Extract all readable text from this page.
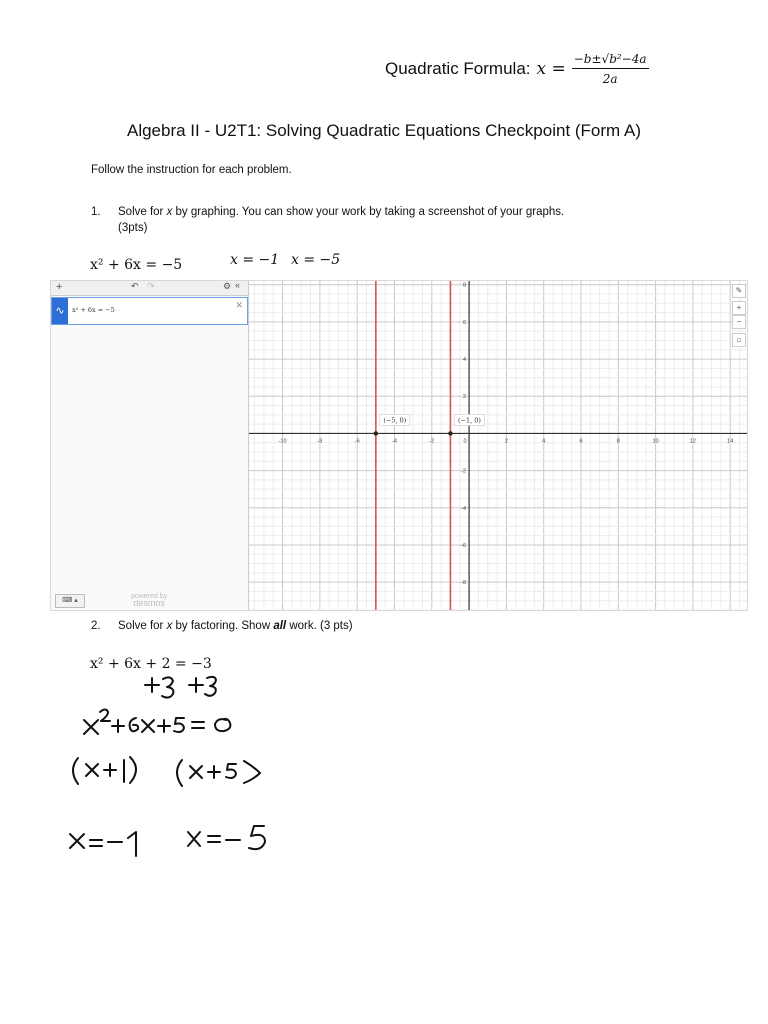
Quadratic Formula: $x = \frac{\text{−b±√b²−4a}}{2a}$
Algebra II - U2T1: Solving Quadratic Equations Checkpoint (Form A)
Follow the instruction for each problem.
1. Solve for x by graphing. You can show your work by taking a screenshot of your graphs.
(3pts)
x² + 6x = −5	x = −1 x = −5
+	↶ ↷	⚙ «
∿	x² + 6x = −5	✕
⌨ ▴
powered by
desmos
-10	-8	-6	-4	-2	0	2	4	6	8	10	12	14
8
6
4
2
-2
-4
-6
-8
(−5, 0)	(−1, 0)
✎
+
−
⌂
2. Solve for x by factoring. Show all work. (3 pts)
x² + 6x + 2 = −3
